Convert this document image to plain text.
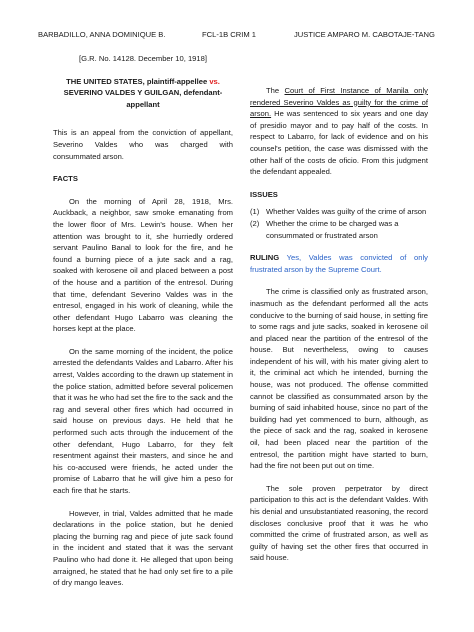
BARBADILLO, ANNA DOMINIQUE B.	FCL-1B CRIM 1	JUSTICE AMPARO M. CABOTAJE-TANG

[G.R. No. 14128. December 10, 1918]

THE UNITED STATES, plaintiff-appellee vs. SEVERINO VALDES Y GUILGAN, defendant-appellant

This is an appeal from the conviction of appellant, Severino Valdes who was charged with consummated arson.

FACTS

On the morning of April 28, 1918, Mrs. Auckback, a neighbor, saw smoke emanating from the lower floor of Mrs. Lewin's house. When her attention was brought to it, she hurriedly ordered servant Paulino Banal to look for the fire, and he found a burning piece of a jute sack and a rag, soaked with kerosene oil and placed between a post of the house and a partition of the entresol. During that time, defendant Severino Valdes was in the entresol, engaged in his work of cleaning, while the other defendant Hugo Labarro was cleaning the horses kept at the place.

On the same morning of the incident, the police arrested the defendants Valdes and Labarro. After his arrest, Valdes according to the drawn up statement in the police station, admitted before several policemen that it was he who had set the fire to the sack and the rag and several other fires which had occurred in said house on previous days. He held that he performed such acts through the inducement of the other defendant, Hugo Labarro, for they felt resentment against their masters, and since he and his co-accused were friends, he acted under the promise of Labarro that he will give him a peso for each fire that he starts.

However, in trial, Valdes admitted that he made declarations in the police station, but he denied placing the burning rag and piece of jute sack found in the incident and stated that it was the servant Paulino who had done it. He alleged that upon being arraigned, he stated that he had only set fire to a pile of dry mango leaves.

The Court of First Instance of Manila only rendered Severino Valdes as guilty for the crime of arson. He was sentenced to six years and one day of presidio mayor and to pay half of the costs. In respect to Labarro, for lack of evidence and on his counsel's petition, the case was dismissed with the other half of the costs de oficio. From this judgment the defendant appealed.

ISSUES

(1) Whether Valdes was guilty of the crime of arson
(2) Whether the crime to be charged was a consummated or frustrated arson

RULING Yes, Valdes was convicted of only frustrated arson by the Supreme Court.

The crime is classified only as frustrated arson, inasmuch as the defendant performed all the acts conducive to the burning of said house, in setting fire to some rags and jute sacks, soaked in kerosene oil and placed near the partition of the entresol of the house. But nevertheless, owing to causes independent of his will, with his mater giving alert to it, the criminal act which he intended, burning the house, was not produced. The offense committed cannot be classified as consummated arson by the burning of said inhabited house, since no part of the building had yet commenced to burn, although, as the piece of sack and the rag, soaked in kerosene oil, had been placed near the partition of the entresol, the partition might have started to burn, had the fire not been put out on time.

The sole proven perpetrator by direct participation to this act is the defendant Valdes. With his denial and unsubstantiated reasoning, the record discloses conclusive proof that it was he who committed the crime of frustrated arson, as well as guilty of having set the other fires that occurred in said house.
